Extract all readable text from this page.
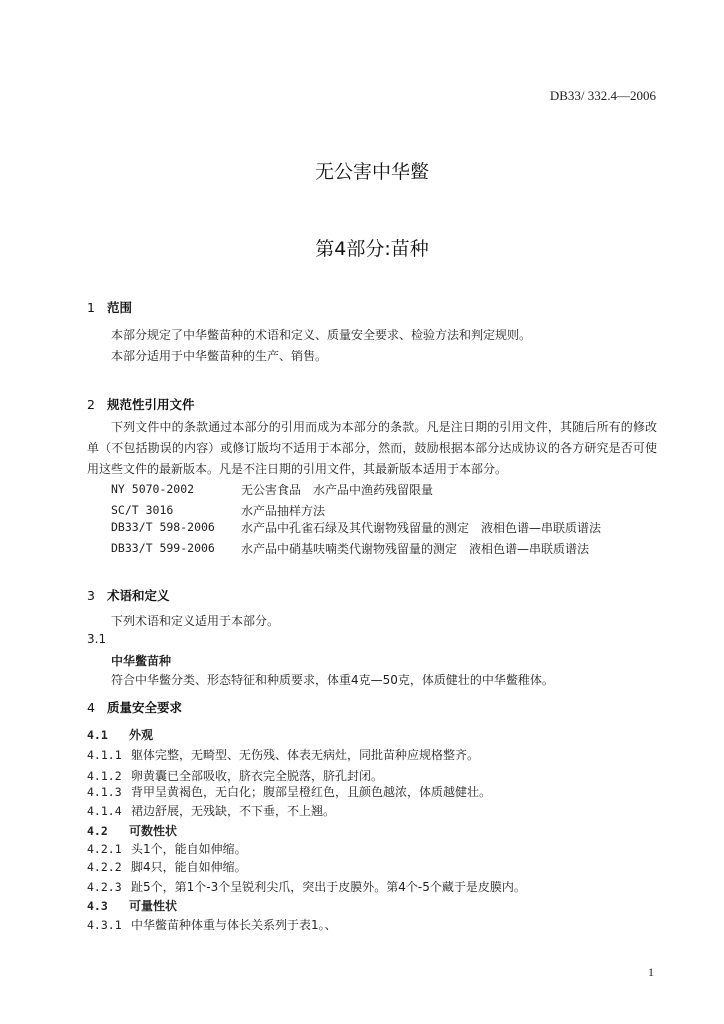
DB33/ 332.4—2006
无公害中华鳖
第4部分:苗种
1 范围
本部分规定了中华鳖苗种的术语和定义、质量安全要求、检验方法和判定规则。
本部分适用于中华鳖苗种的生产、销售。
2 规范性引用文件
下列文件中的条款通过本部分的引用而成为本部分的条款。凡是注日期的引用文件，其随后所有的修改单（不包括勘误的内容）或修订版均不适用于本部分，然而，鼓励根据本部分达成协议的各方研究是否可使用这些文件的最新版本。凡是不注日期的引用文件，其最新版本适用于本部分。
NY 5070-2002	无公害食品　水产品中渔药残留限量
SC/T 3016	水产品抽样方法
DB33/T 598-2006 水产品中孔雀石绿及其代谢物残留量的测定　液相色谱—串联质谱法
DB33/T 599-2006 水产品中硝基呋喃类代谢物残留量的测定　液相色谱—串联质谱法
3 术语和定义
下列术语和定义适用于本部分。
3.1
中华鳖苗种
符合中华鳖分类、形态特征和种质要求，体重4克—50克，体质健壮的中华鳖稚体。
4 质量安全要求
4.1 外观
4.1.1 躯体完整，无畸型、无伤残、体表无病灶，同批苗种应规格整齐。
4.1.2 卵黄囊已全部吸收，脐衣完全脱落，脐孔封闭。
4.1.3 背甲呈黄褐色，无白化；腹部呈橙红色，且颜色越浓，体质越健壮。
4.1.4 裙边舒展，无残缺，不下垂，不上翘。
4.2 可数性状
4.2.1 头1个，能自如伸缩。
4.2.2 脚4只，能自如伸缩。
4.2.3 趾5个，第1个-3个呈锐利尖爪，突出于皮膜外。第4个-5个藏于是皮膜内。
4.3 可量性状
4.3.1 中华鳖苗种体重与体长关系列于表1。、
1
